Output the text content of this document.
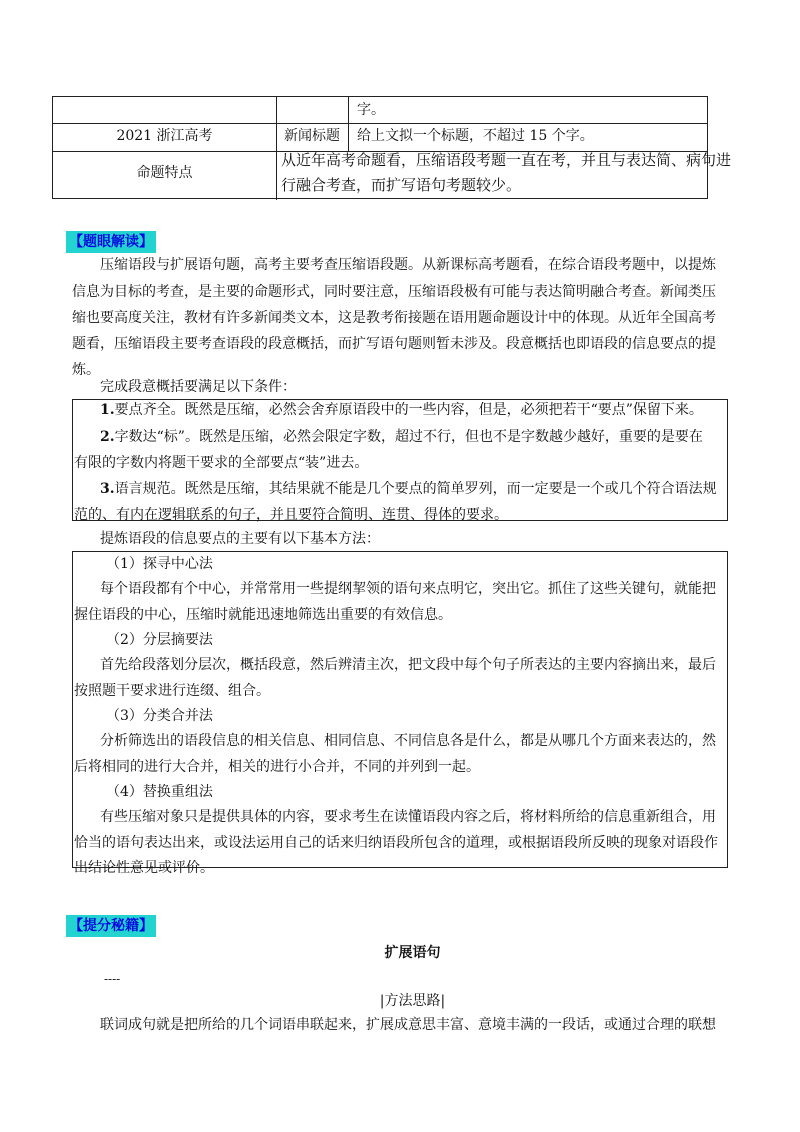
字。
2021 浙江高考	新闻标题	给上文拟一个标题，不超过 15 个字。
命题特点
从近年高考命题看，压缩语段考题一直在考，并且与表达简、病句进
行融合考查，而扩写语句考题较少。
【题眼解读】
压缩语段与扩展语句题，高考主要考查压缩语段题。从新课标高考题看，在综合语段考题中，以提炼
信息为目标的考查，是主要的命题形式，同时要注意，压缩语段极有可能与表达简明融合考查。新闻类压
缩也要高度关注，教材有许多新闻类文本，这是教考衔接题在语用题命题设计中的体现。从近年全国高考
题看，压缩语段主要考查语段的段意概括，而扩写语句题则暂未涉及。段意概括也即语段的信息要点的提
炼。
完成段意概括要满足以下条件：
1.要点齐全。既然是压缩，必然会舍弃原语段中的一些内容，但是，必须把若干“要点”保留下来。
2.字数达“标”。既然是压缩，必然会限定字数，超过不行，但也不是字数越少越好，重要的是要在
有限的字数内将题干要求的全部要点“装”进去。
3.语言规范。既然是压缩，其结果就不能是几个要点的简单罗列，而一定要是一个或几个符合语法规
范的、有内在逻辑联系的句子，并且要符合简明、连贯、得体的要求。
提炼语段的信息要点的主要有以下基本方法：
（1）探寻中心法
每个语段都有个中心，并常常用一些提纲挈领的语句来点明它，突出它。抓住了这些关键句，就能把
握住语段的中心，压缩时就能迅速地筛选出重要的有效信息。
（2）分层摘要法
首先给段落划分层次，概括段意，然后辨清主次，把文段中每个句子所表达的主要内容摘出来，最后
按照题干要求进行连缀、组合。
（3）分类合并法
分析筛选出的语段信息的相关信息、相同信息、不同信息各是什么，都是从哪几个方面来表达的，然
后将相同的进行大合并，相关的进行小合并，不同的并列到一起。
（4）替换重组法
有些压缩对象只是提供具体的内容，要求考生在读懂语段内容之后，将材料所给的信息重新组合，用
恰当的语句表达出来，或设法运用自己的话来归纳语段所包含的道理，或根据语段所反映的现象对语段作
出结论性意见或评价。
【提分秘籍】
扩展语句
----
|方法思路|
联词成句就是把所给的几个词语串联起来，扩展成意思丰富、意境丰满的一段话，或通过合理的联想
